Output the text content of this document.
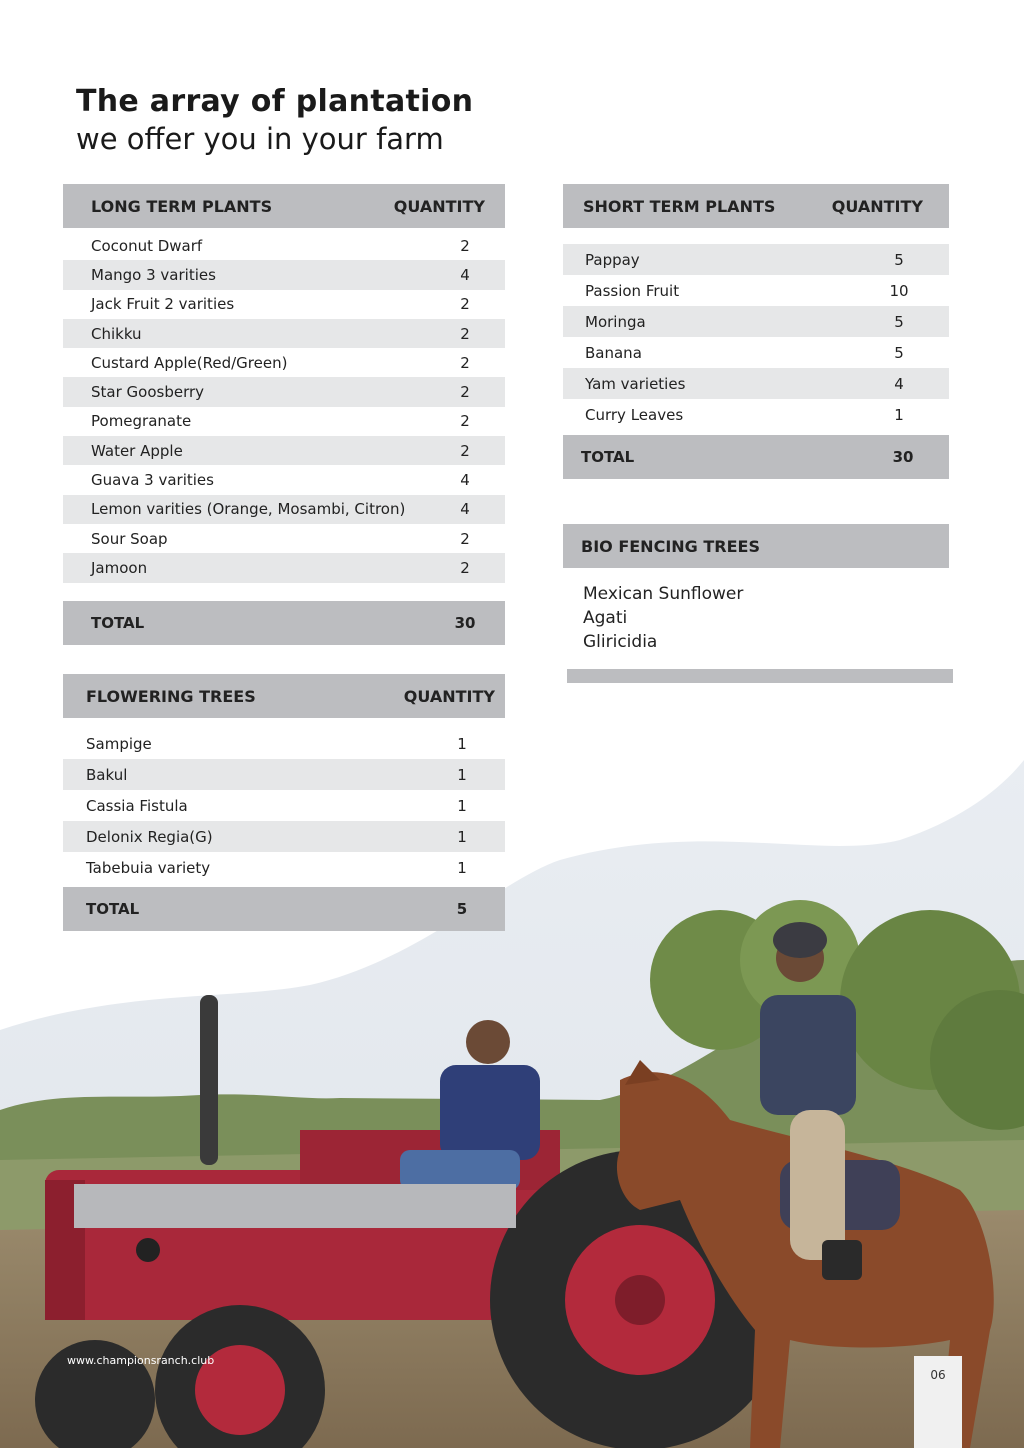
The array of plantation
we offer you in your farm
LONG TERM PLANTS	QUANTITY
Coconut Dwarf	2
Mango 3 varities	4
Jack Fruit 2 varities	2
Chikku	2
Custard Apple(Red/Green)	2
Star Goosberry	2
Pomegranate	2
Water Apple	2
Guava 3 varities	4
Lemon varities (Orange, Mosambi, Citron)	4
Sour Soap	2
Jamoon	2
TOTAL	30
SHORT TERM PLANTS	QUANTITY
Pappay	5
Passion Fruit	10
Moringa	5
Banana	5
Yam varieties	4
Curry Leaves	1
TOTAL	30
BIO FENCING TREES
Mexican Sunflower
Agati
Gliricidia
FLOWERING TREES	QUANTITY
Sampige	1
Bakul	1
Cassia Fistula	1
Delonix Regia(G)	1
Tabebuia variety	1
TOTAL	5
www.championsranch.club
06
